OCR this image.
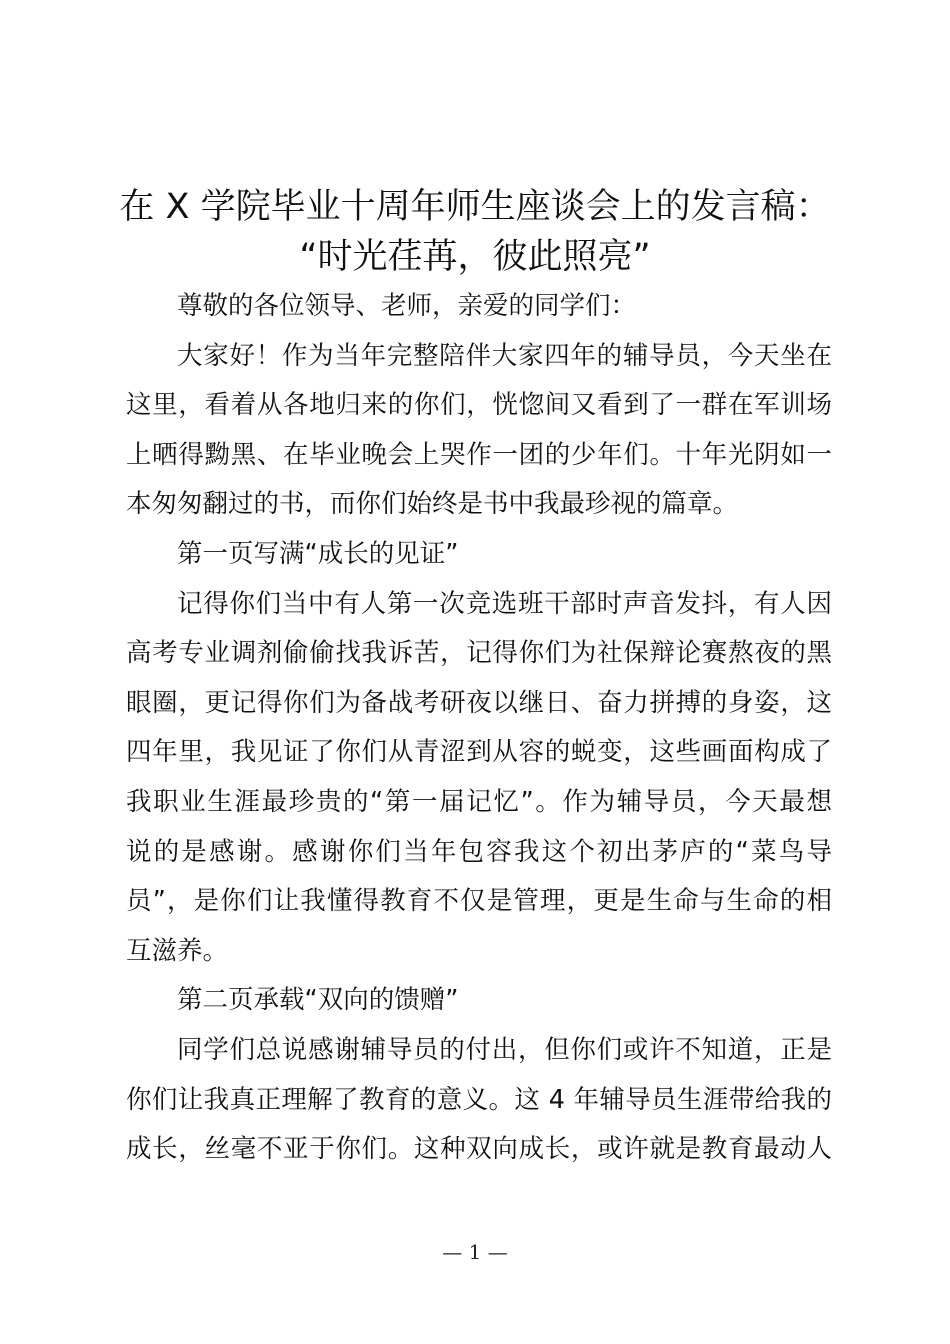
在 X 学院毕业十周年师生座谈会上的发言稿：
“时光荏苒，彼此照亮”

尊敬的各位领导、老师，亲爱的同学们：

大家好！作为当年完整陪伴大家四年的辅导员，今天坐在
这里，看着从各地归来的你们，恍惚间又看到了一群在军训场
上晒得黝黑、在毕业晚会上哭作一团的少年们。十年光阴如一
本匆匆翻过的书，而你们始终是书中我最珍视的篇章。

第一页写满“成长的见证”

记得你们当中有人第一次竞选班干部时声音发抖，有人因
高考专业调剂偷偷找我诉苦，记得你们为社保辩论赛熬夜的黑
眼圈，更记得你们为备战考研夜以继日、奋力拼搏的身姿，这
四年里，我见证了你们从青涩到从容的蜕变，这些画面构成了
我职业生涯最珍贵的“第一届记忆”。作为辅导员，今天最想
说的是感谢。感谢你们当年包容我这个初出茅庐的“菜鸟导
员”，是你们让我懂得教育不仅是管理，更是生命与生命的相
互滋养。

第二页承载“双向的馈赠”

同学们总说感谢辅导员的付出，但你们或许不知道，正是
你们让我真正理解了教育的意义。这 4 年辅导员生涯带给我的
成长，丝毫不亚于你们。这种双向成长，或许就是教育最动人

— 1 —
